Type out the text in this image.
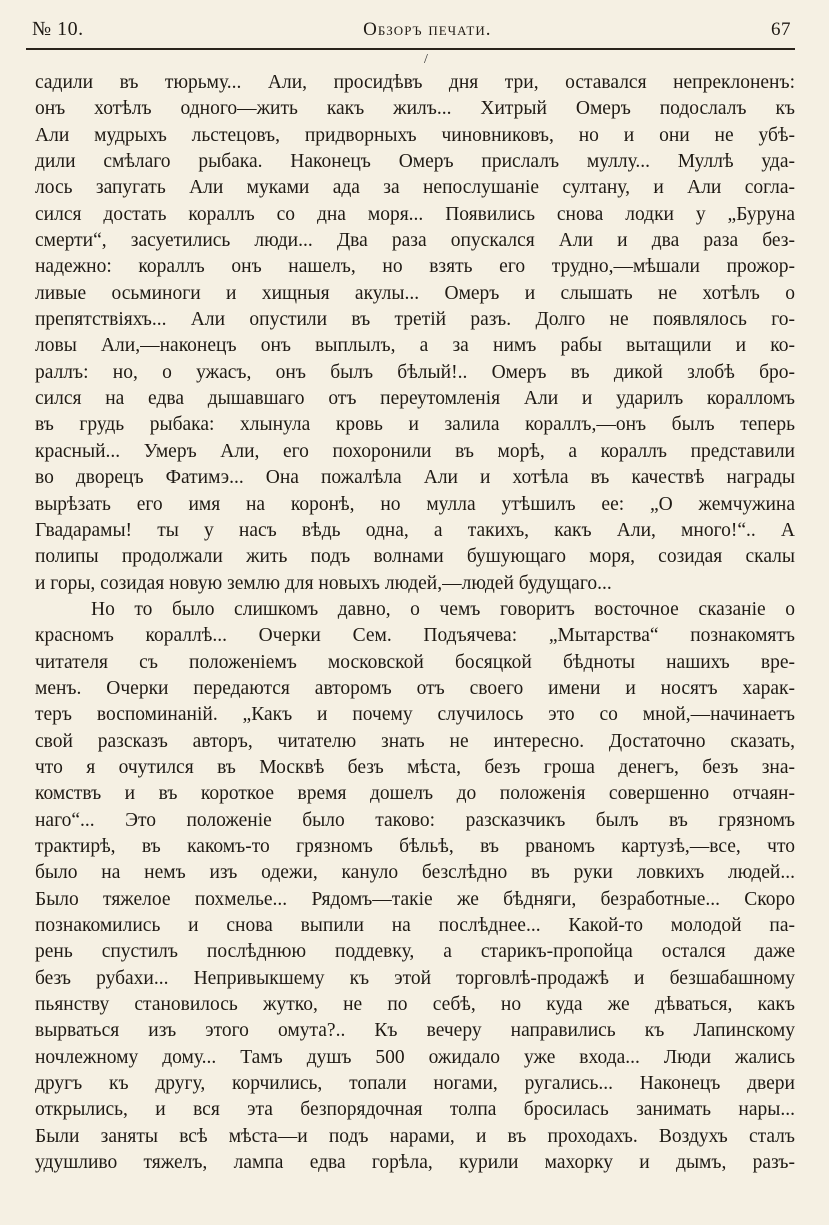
№ 10.	Обзоръ печати.	67
/
садили въ тюрьму... Али, просидѣвъ дня три, оставался непреклоненъ:
онъ хотѣлъ одного—жить какъ жилъ... Хитрый Омеръ подослалъ къ
Али мудрыхъ льстецовъ, придворныхъ чиновниковъ, но и они не убѣ-
дили смѣлаго рыбака. Наконецъ Омеръ прислалъ муллу... Муллѣ уда-
лось запугать Али муками ада за непослушаніе султану, и Али согла-
сился достать кораллъ со дна моря... Появились снова лодки у „Буруна
смерти“, засуетились люди... Два раза опускался Али и два раза без-
надежно: кораллъ онъ нашелъ, но взять его трудно,—мѣшали прожор-
ливые осьминоги и хищныя акулы... Омеръ и слышать не хотѣлъ о
препятствіяхъ... Али опустили въ третій разъ. Долго не появлялось го-
ловы Али,—наконецъ онъ выплылъ, а за нимъ рабы вытащили и ко-
раллъ: но, о ужасъ, онъ былъ бѣлый!.. Омеръ въ дикой злобѣ бро-
сился на едва дышавшаго отъ переутомленія Али и ударилъ коралломъ
въ грудь рыбака: хлынула кровь и залила кораллъ,—онъ былъ теперь
красный... Умеръ Али, его похоронили въ морѣ, а кораллъ представили
во дворецъ Фатимэ... Она пожалѣла Али и хотѣла въ качествѣ награды
вырѣзать его имя на коронѣ, но мулла утѣшилъ ее: „О жемчужина
Гвадарамы! ты у насъ вѣдь одна, а такихъ, какъ Али, много!“.. А
полипы продолжали жить подъ волнами бушующаго моря, созидая скалы
и горы, созидая новую землю для новыхъ людей,—людей будущаго...
Но то было слишкомъ давно, о чемъ говоритъ восточное сказаніе о
красномъ кораллѣ... Очерки Сем. Подъячева: „Мытарства“ познакомятъ
читателя съ положеніемъ московской босяцкой бѣдноты нашихъ вре-
менъ. Очерки передаются авторомъ отъ своего имени и носятъ харак-
теръ воспоминаній. „Какъ и почему случилось это со мной,—начинаетъ
свой разсказъ авторъ, читателю знать не интересно. Достаточно сказать,
что я очутился въ Москвѣ безъ мѣста, безъ гроша денегъ, безъ зна-
комствъ и въ короткое время дошелъ до положенія совершенно отчаян-
наго“... Это положеніе было таково: разсказчикъ былъ въ грязномъ
трактирѣ, въ какомъ-то грязномъ бѣльѣ, въ рваномъ картузѣ,—все, что
было на немъ изъ одежи, кануло безслѣдно въ руки ловкихъ людей...
Было тяжелое похмелье... Рядомъ—такіе же бѣдняги, безработные... Скоро
познакомились и снова выпили на послѣднее... Какой-то молодой па-
рень спустилъ послѣднюю поддевку, а старикъ-пропойца остался даже
безъ рубахи... Непривыкшему къ этой торговлѣ-продажѣ и безшабашному
пьянству становилось жутко, не по себѣ, но куда же дѣваться, какъ
вырваться изъ этого омута?.. Къ вечеру направились къ Лапинскому
ночлежному дому... Тамъ душъ 500 ожидало уже входа... Люди жались
другъ къ другу, корчились, топали ногами, ругались... Наконецъ двери
открылись, и вся эта безпорядочная толпа бросилась занимать нары...
Были заняты всѣ мѣста—и подъ нарами, и въ проходахъ. Воздухъ сталъ
удушливо тяжелъ, лампа едва горѣла, курили махорку и дымъ, разъ-
